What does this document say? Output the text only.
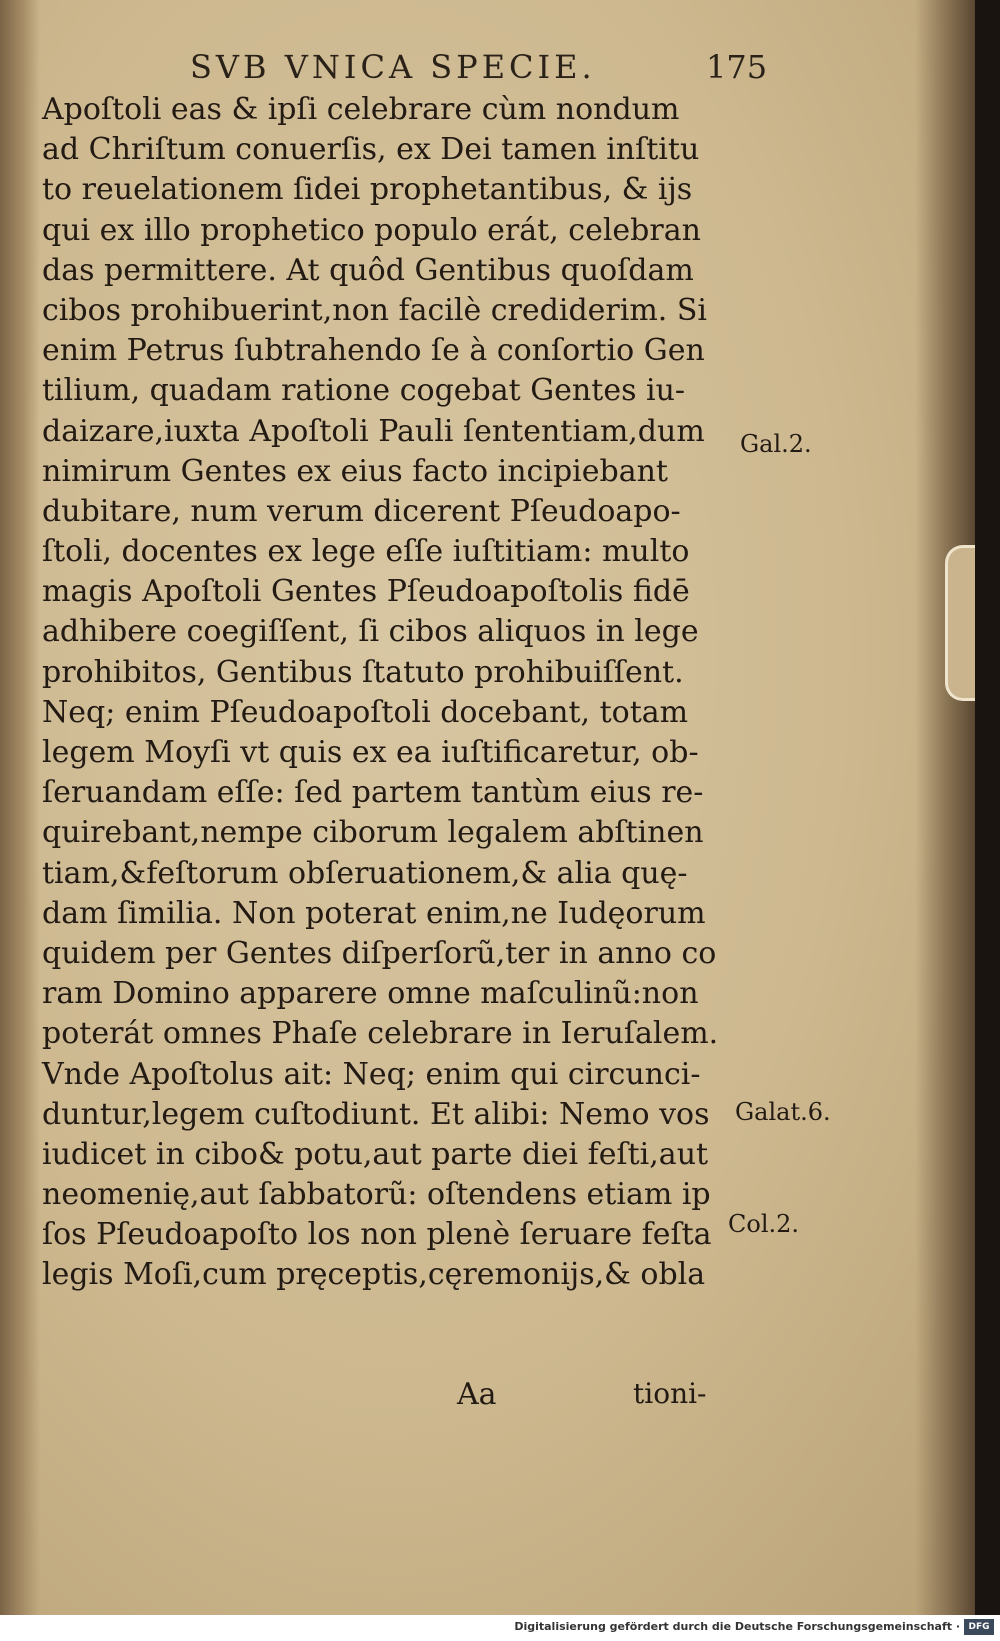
SVB VNICA SPECIE.	175
Apoſtoli eas & ipſi celebrare cùm nondum
ad Chriſtum conuerſis, ex Dei tamen inſtitu
to reuelationem ſidei prophetantibus, & ijs
qui ex illo prophetico populo erát, celebran
das permittere. At quôd Gentibus quoſdam
cibos prohibuerint,non facilè crediderim. Si
enim Petrus ſubtrahendo ſe à conſortio Gen
tilium, quadam ratione cogebat Gentes iu-
daizare,iuxta Apoſtoli Pauli ſententiam,dum
nimirum Gentes ex eius facto incipiebant
dubitare, num verum dicerent Pſeudoapo-
ſtoli, docentes ex lege eſſe iuſtitiam: multo
magis Apoſtoli Gentes Pſeudoapoſtolis fidē
adhibere coegiſſent, ſi cibos aliquos in lege
prohibitos, Gentibus ſtatuto prohibuiſſent.
Neq; enim Pſeudoapoſtoli docebant, totam
legem Moyſi vt quis ex ea iuſtificaretur, ob-
ſeruandam eſſe: ſed partem tantùm eius re-
quirebant,nempe ciborum legalem abſtinen
tiam,&feſtorum obſeruationem,& alia quę-
dam ſimilia. Non poterat enim,ne Iudęorum
quidem per Gentes diſperſorũ,ter in anno co
ram Domino apparere omne maſculinũ:non
poterát omnes Phaſe celebrare in Ieruſalem.
Vnde Apoſtolus ait: Neq; enim qui circunci-
duntur,legem cuſtodiunt. Et alibi: Nemo vos
iudicet in cibo& potu,aut parte diei feſti,aut
neomenię,aut ſabbatorũ: oſtendens etiam ip
ſos Pſeudoapoſto los non plenè ſeruare feſta
legis Moſi,cum pręceptis,cęremonijs,& obla
Gal.2.
Galat.6.
Col.2.
Aa	tioni-
Digitalisierung gefördert durch die Deutsche Forschungsgemeinschaft · DFG
